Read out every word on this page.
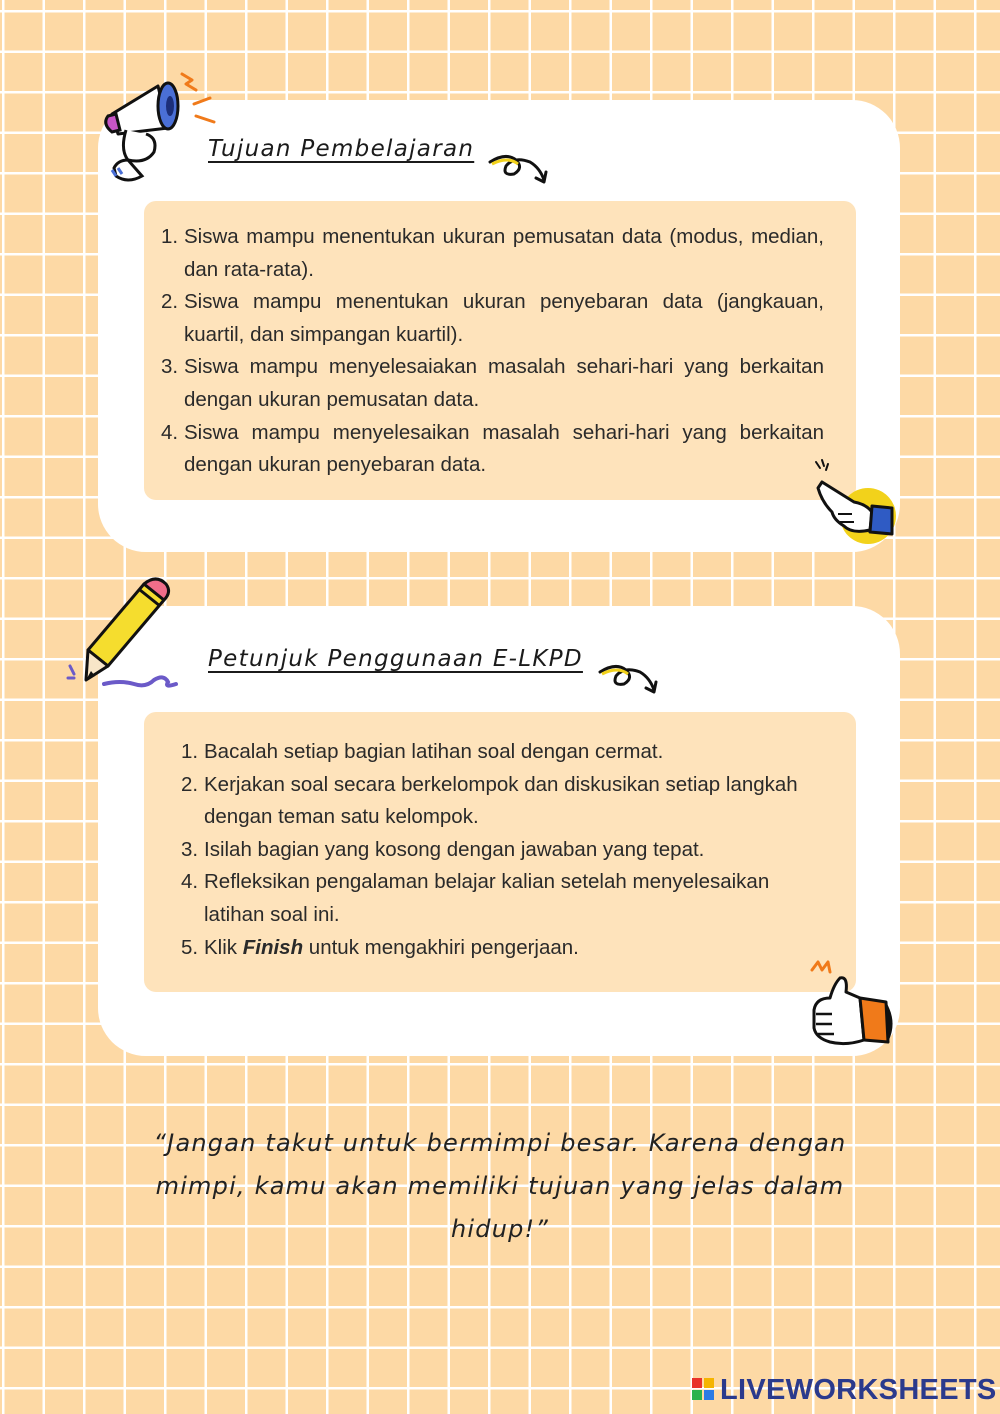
Tujuan Pembelajaran
1. Siswa mampu menentukan ukuran pemusatan data (modus, median, dan rata-rata).
2. Siswa mampu menentukan ukuran penyebaran data (jangkauan, kuartil, dan simpangan kuartil).
3. Siswa mampu menyelesaiakan masalah sehari-hari yang berkaitan dengan ukuran pemusatan data.
4. Siswa mampu menyelesaikan masalah sehari-hari yang berkaitan dengan ukuran penyebaran data.
Petunjuk Penggunaan E-LKPD
1. Bacalah setiap bagian latihan soal dengan cermat.
2. Kerjakan soal secara berkelompok dan diskusikan setiap langkah dengan teman satu kelompok.
3. Isilah bagian yang kosong dengan jawaban yang tepat.
4. Refleksikan pengalaman belajar kalian setelah menyelesaikan latihan soal ini.
5. Klik Finish untuk mengakhiri pengerjaan.

“Jangan takut untuk bermimpi besar. Karena dengan mimpi, kamu akan memiliki tujuan yang jelas dalam hidup!”

LIVEWORKSHEETS
